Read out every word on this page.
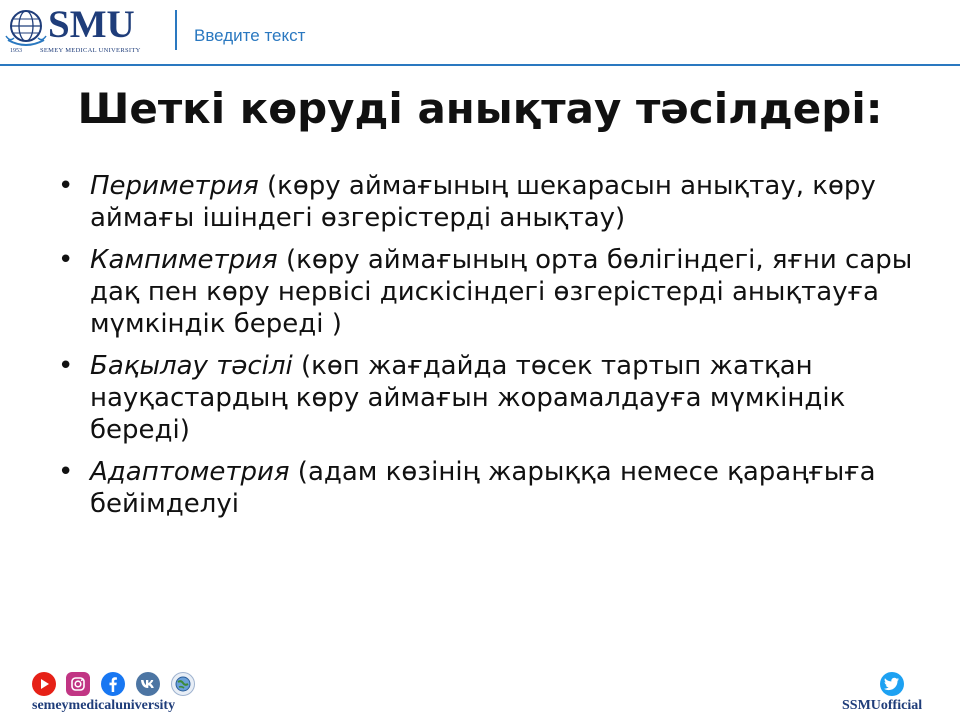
1953
SMU
SEMEY MEDICAL UNIVERSITY
Введите текст
Шеткі көруді анықтау тәсілдері:
• Периметрия (көру аймағының шекарасын анықтау, көру аймағы ішіндегі өзгерістерді анықтау)
• Кампиметрия (көру аймағының орта бөлігіндегі, яғни сары дақ пен көру нервісі дискісіндегі өзгерістерді анықтауға мүмкіндік береді )
• Бақылау тәсілі (көп жағдайда төсек тартып жатқан науқастардың көру аймағын жорамалдауға мүмкіндік береді)
• Адаптометрия (адам көзінің жарыққа немесе қараңғыға бейімделуі
semeymedicaluniversity	SSMUofficial
